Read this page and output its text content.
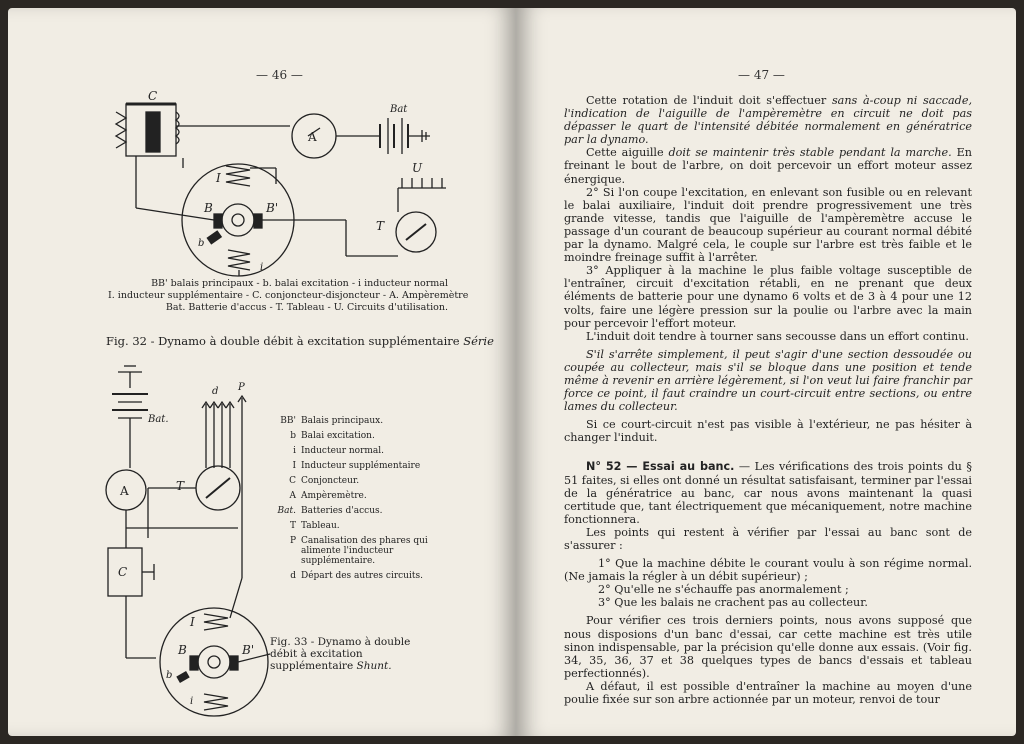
— 46 —
C
A
Bat
U
I
B	B'
b
i
T
BB' balais principaux - b. balai excitation - i inducteur normal
I. inducteur supplémentaire - C. conjoncteur-disjoncteur - A. Ampèremètre
Bat. Batterie d'accus - T. Tableau - U. Circuits d'utilisation.
Fig. 32 - Dynamo à double débit à excitation supplémentaire Série
Bat.
A
C
T
d P
I
B	B'
b
i
BB' Balais principaux.
b Balai excitation.
i Inducteur normal.
I Inducteur supplémentaire
C Conjoncteur.
A Ampèremètre.
Bat. Batteries d'accus.
T Tableau.
P Canalisation des phares qui alimente l'inducteur supplémentaire.
d Départ des autres circuits.
Fig. 33 - Dynamo à double débit à excitation supplémentaire Shunt.
— 47 —

Cette rotation de l'induit doit s'effectuer sans à-coup ni saccade, l'indication de l'aiguille de l'ampèremètre en circuit ne doit pas dépasser le quart de l'intensité débitée normalement en génératrice par la dynamo.

Cette aiguille doit se maintenir très stable pendant la marche. En freinant le bout de l'arbre, on doit percevoir un effort moteur assez énergique.

2° Si l'on coupe l'excitation, en enlevant son fusible ou en relevant le balai auxiliaire, l'induit doit prendre progressivement une très grande vitesse, tandis que l'aiguille de l'ampèremètre accuse le passage d'un courant de beaucoup supérieur au courant normal débité par la dynamo. Malgré cela, le couple sur l'arbre est très faible et le moindre freinage suffit à l'arrêter.

3° Appliquer à la machine le plus faible voltage susceptible de l'entraîner, circuit d'excitation rétabli, en ne prenant que deux éléments de batterie pour une dynamo 6 volts et de 3 à 4 pour une 12 volts, faire une légère pression sur la poulie ou l'arbre avec la main pour percevoir l'effort moteur.

L'induit doit tendre à tourner sans secousse dans un effort continu.

S'il s'arrête simplement, il peut s'agir d'une section dessoudée ou coupée au collecteur, mais s'il se bloque dans une position et tende même à revenir en arrière légèrement, si l'on veut lui faire franchir par force ce point, il faut craindre un court-circuit entre sections, ou entre lames du collecteur.

Si ce court-circuit n'est pas visible à l'extérieur, ne pas hésiter à changer l'induit.

N° 52 — Essai au banc. — Les vérifications des trois points du § 51 faites, si elles ont donné un résultat satisfaisant, terminer par l'essai de la génératrice au banc, car nous avons maintenant la quasi certitude que, tant électriquement que mécaniquement, notre machine fonctionnera.

Les points qui restent à vérifier par l'essai au banc sont de s'assurer :

1° Que la machine débite le courant voulu à son régime normal. (Ne jamais la régler à un débit supérieur) ;

2° Qu'elle ne s'échauffe pas anormalement ;

3° Que les balais ne crachent pas au collecteur.

Pour vérifier ces trois derniers points, nous avons supposé que nous disposions d'un banc d'essai, car cette machine est très utile sinon indispensable, par la précision qu'elle donne aux essais. (Voir fig. 34, 35, 36, 37 et 38 quelques types de bancs d'essais et tableau perfectionnés).

A défaut, il est possible d'entraîner la machine au moyen d'une poulie fixée sur son arbre actionnée par un moteur, renvoi de tour
